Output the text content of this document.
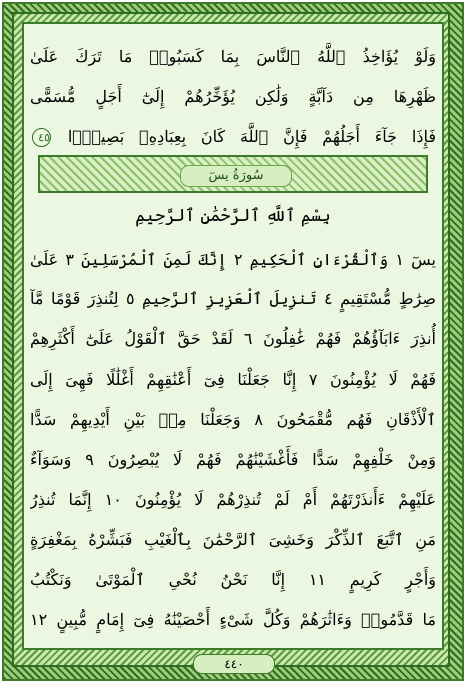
وَلَوْ يُؤَاخِذُ ٱللَّهُ ٱلنَّاسَ بِمَا كَسَبُوا۟ مَا تَرَكَ عَلَىٰ
ظَهْرِهَا مِن دَآبَّةٍ وَلَٰكِن يُؤَخِّرُهُمْ إِلَىٰٓ أَجَلٍ مُّسَمًّى
فَإِذَا جَآءَ أَجَلُهُمْ فَإِنَّ ٱللَّهَ كَانَ بِعِبَادِهِۦ بَصِيرًۢا ٤٥
سُورَةُ يسٓ
بِسْمِ ٱللَّهِ ٱلرَّحْمَٰنِ ٱلرَّحِيمِ
يسٓ ١ وَٱلْقُرْءَانِ ٱلْحَكِيمِ ٢ إِنَّكَ لَمِنَ ٱلْمُرْسَلِينَ ٣ عَلَىٰ
صِرَٰطٍ مُّسْتَقِيمٍ ٤ تَنزِيلَ ٱلْعَزِيزِ ٱلرَّحِيمِ ٥ لِتُنذِرَ قَوْمًا مَّآ
أُنذِرَ ءَابَآؤُهُمْ فَهُمْ غَٰفِلُونَ ٦ لَقَدْ حَقَّ ٱلْقَوْلُ عَلَىٰٓ أَكْثَرِهِمْ
فَهُمْ لَا يُؤْمِنُونَ ٧ إِنَّا جَعَلْنَا فِىٓ أَعْنَٰقِهِمْ أَغْلَٰلًا فَهِىَ إِلَى
ٱلْأَذْقَانِ فَهُم مُّقْمَحُونَ ٨ وَجَعَلْنَا مِنۢ بَيْنِ أَيْدِيهِمْ سَدًّا
وَمِنْ خَلْفِهِمْ سَدًّا فَأَغْشَيْنَٰهُمْ فَهُمْ لَا يُبْصِرُونَ ٩ وَسَوَآءٌ
عَلَيْهِمْ ءَأَنذَرْتَهُمْ أَمْ لَمْ تُنذِرْهُمْ لَا يُؤْمِنُونَ ١٠ إِنَّمَا تُنذِرُ
مَنِ ٱتَّبَعَ ٱلذِّكْرَ وَخَشِىَ ٱلرَّحْمَٰنَ بِٱلْغَيْبِ فَبَشِّرْهُ بِمَغْفِرَةٍ
وَأَجْرٍ كَرِيمٍ ١١ إِنَّا نَحْنُ نُحْىِ ٱلْمَوْتَىٰ وَنَكْتُبُ
مَا قَدَّمُوا۟ وَءَاثَٰرَهُمْ وَكُلَّ شَىْءٍ أَحْصَيْنَٰهُ فِىٓ إِمَامٍ مُّبِينٍ ١٢
٤٤٠
